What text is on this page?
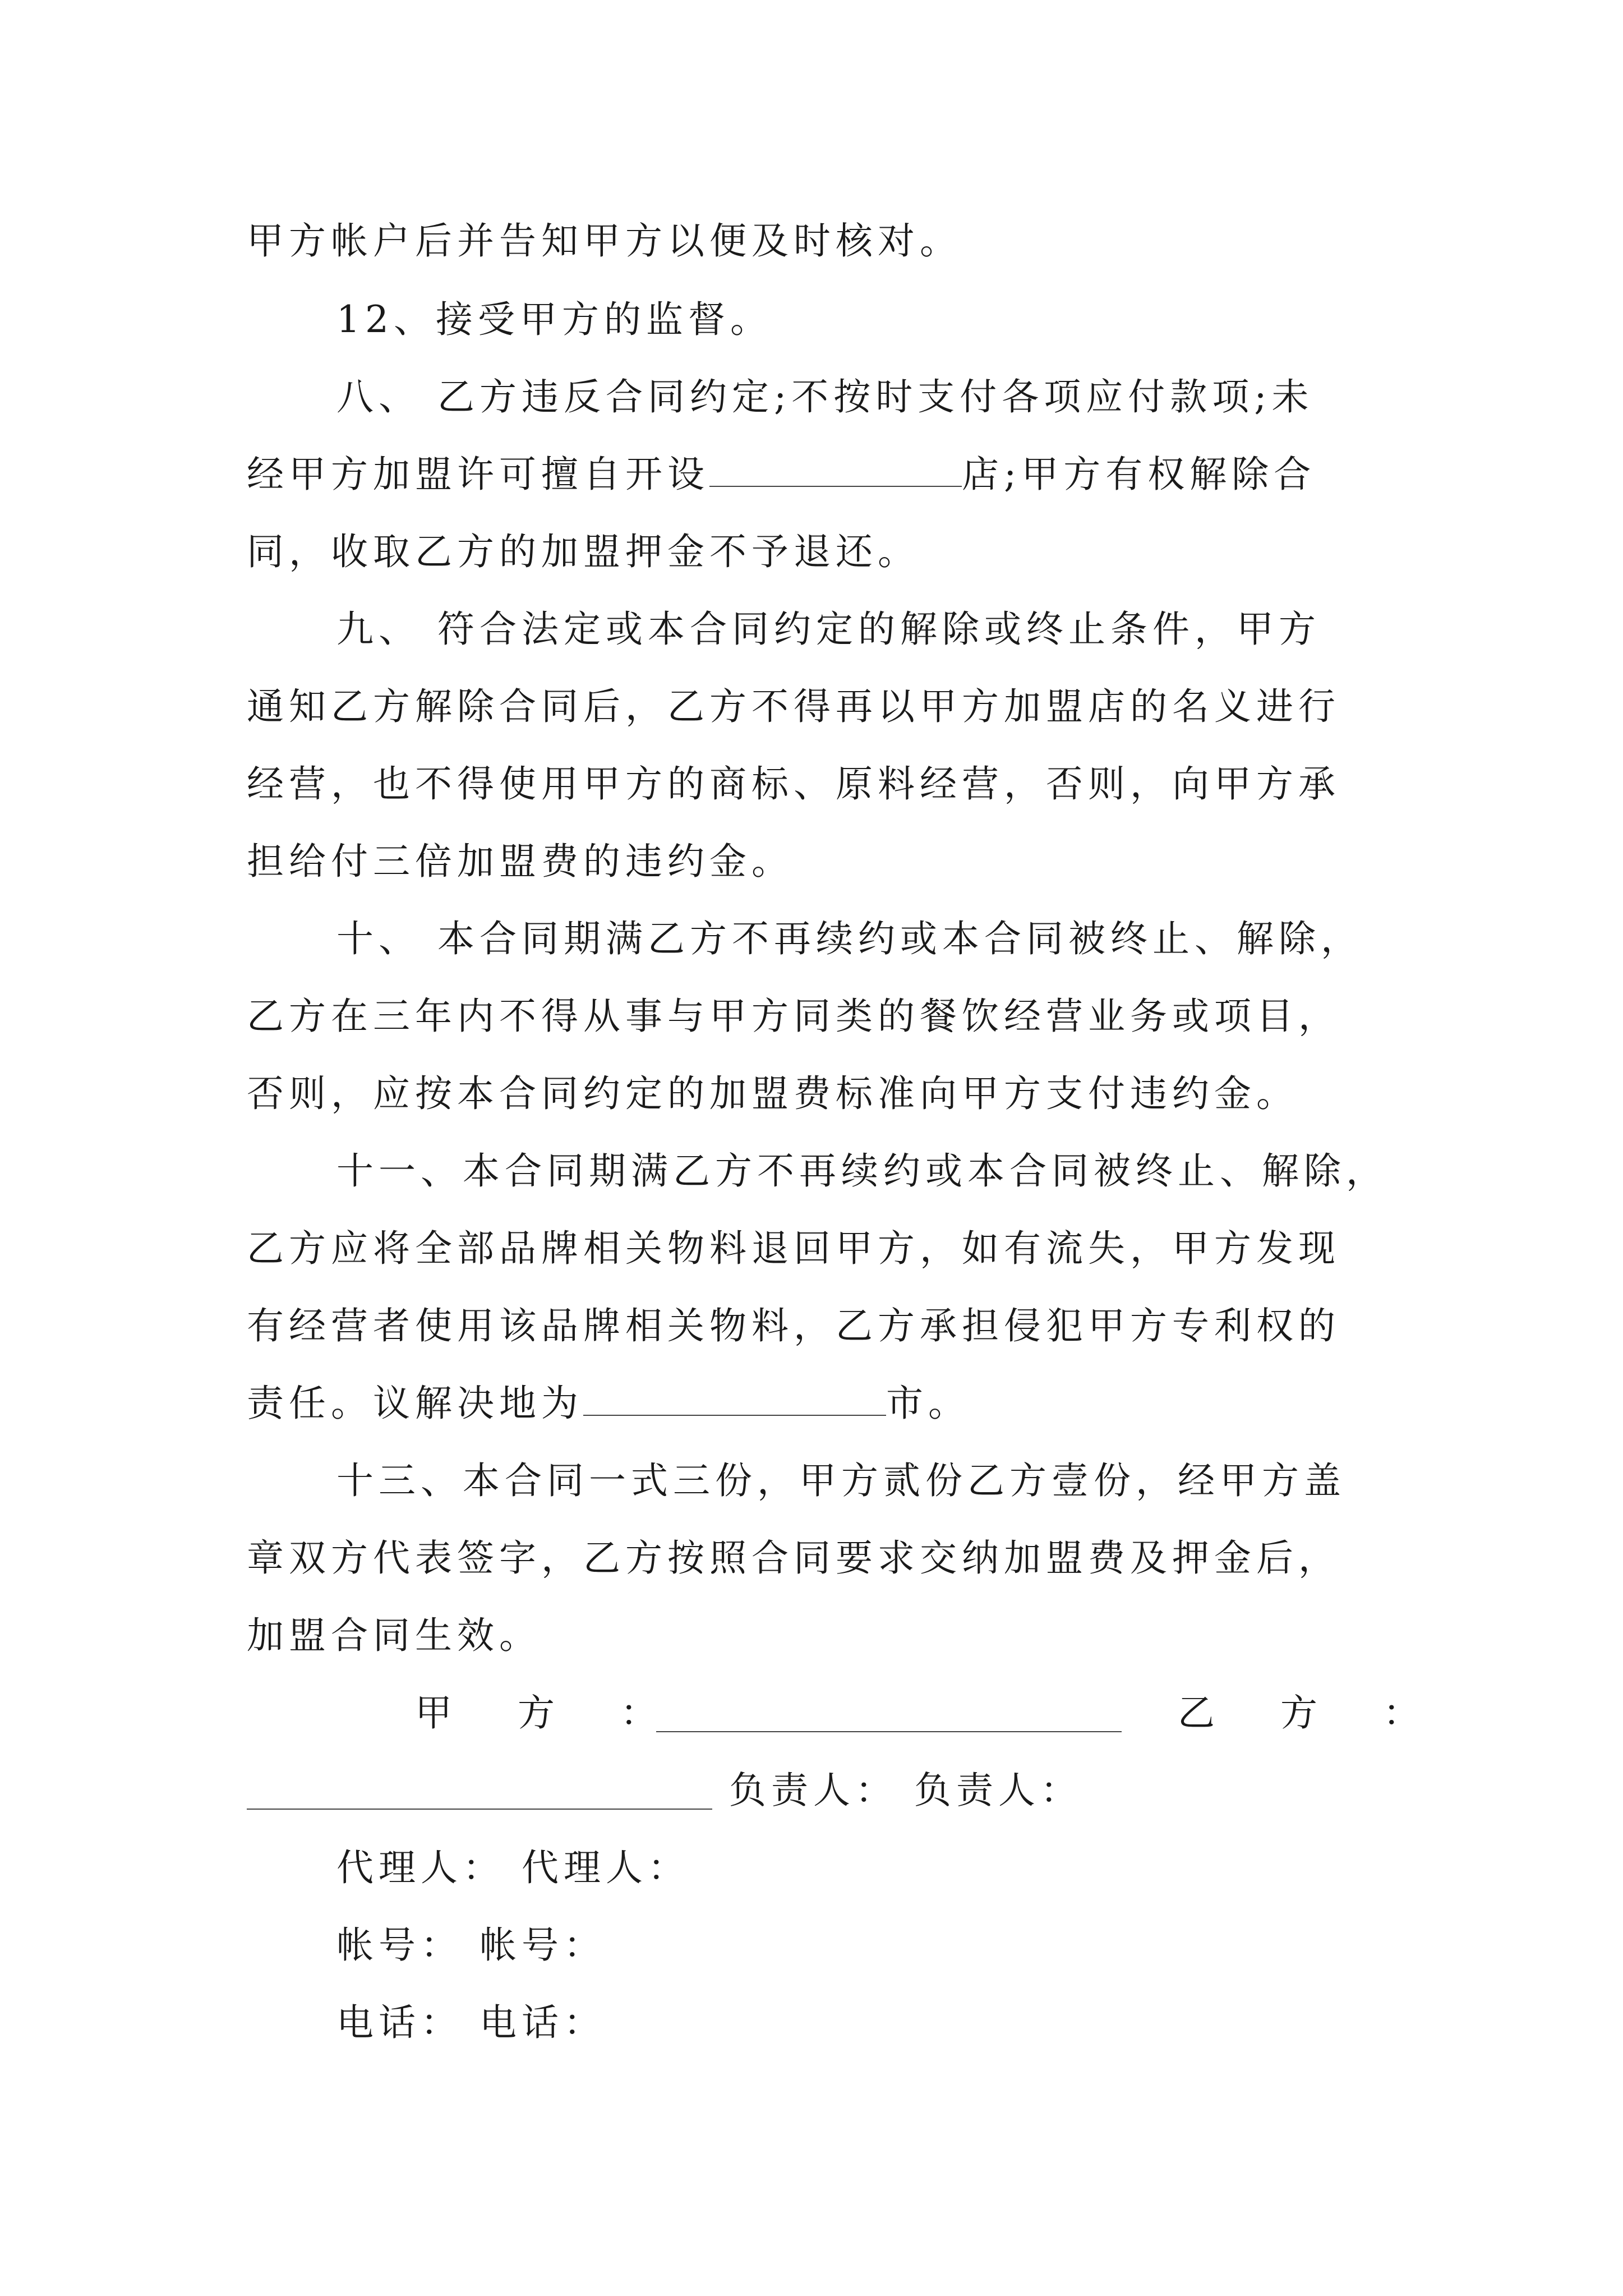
甲方帐户后并告知甲方以便及时核对。
12、接受甲方的监督。
八、 乙方违反合同约定;不按时支付各项应付款项;未
经甲方加盟许可擅自开设	店;甲方有权解除合
同，收取乙方的加盟押金不予退还。
九、 符合法定或本合同约定的解除或终止条件，甲方
通知乙方解除合同后，乙方不得再以甲方加盟店的名义进行
经营，也不得使用甲方的商标、原料经营，否则，向甲方承
担给付三倍加盟费的违约金。
十、 本合同期满乙方不再续约或本合同被终止、解除，
乙方在三年内不得从事与甲方同类的餐饮经营业务或项目，
否则，应按本合同约定的加盟费标准向甲方支付违约金。
十一、本合同期满乙方不再续约或本合同被终止、解除，
乙方应将全部品牌相关物料退回甲方，如有流失，甲方发现
有经营者使用该品牌相关物料，乙方承担侵犯甲方专利权的
责任。议解决地为	市。
十三、本合同一式三份，甲方贰份乙方壹份，经甲方盖
章双方代表签字，乙方按照合同要求交纳加盟费及押金后，
加盟合同生效。
甲 方 ：	乙 方 ：
负责人： 负责人：
代理人： 代理人：
帐号： 帐号：
电话： 电话：
